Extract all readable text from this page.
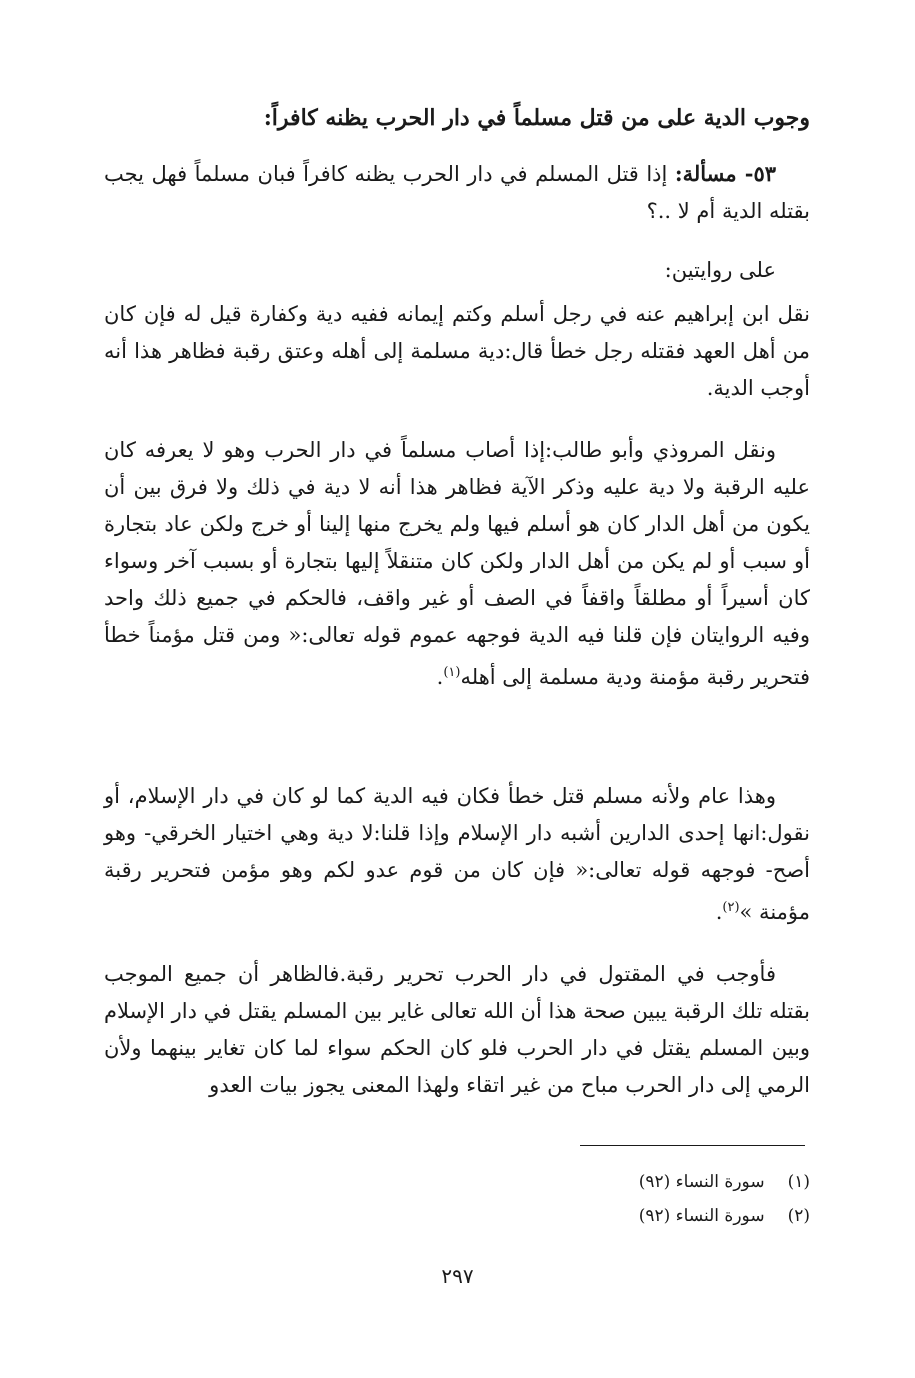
وجوب الدية على من قتل مسلماً في دار الحرب يظنه كافراً:
٥٣- مسألة: إذا قتل المسلم في دار الحرب يظنه كافراً فبان مسلماً فهل يجب بقتله الدية أم لا ..؟
على روايتين:
نقل ابن إبراهيم عنه في رجل أسلم وكتم إيمانه ففيه دية وكفارة قيل له فإن كان من أهل العهد فقتله رجل خطأ قال:دية مسلمة إلى أهله وعتق رقبة فظاهر هذا أنه أوجب الدية.
ونقل المروذي وأبو طالب:إذا أصاب مسلماً في دار الحرب وهو لا يعرفه كان عليه الرقبة ولا دية عليه وذكر الآية فظاهر هذا أنه لا دية في ذلك ولا فرق بين أن يكون من أهل الدار كان هو أسلم فيها ولم يخرج منها إلينا أو خرج ولكن عاد بتجارة أو سبب أو لم يكن من أهل الدار ولكن كان متنقلاً إليها بتجارة أو بسبب آخر وسواء كان أسيراً أو مطلقاً واقفاً في الصف أو غير واقف، فالحكم في جميع ذلك واحد وفيه الروايتان فإن قلنا فيه الدية فوجهه عموم قوله تعالى:« ومن قتل مؤمناً خطأ فتحرير رقبة مؤمنة ودية مسلمة إلى أهله$^{(١)}$.
وهذا عام ولأنه مسلم قتل خطأ فكان فيه الدية كما لو كان في دار الإسلام، أو نقول:انها إحدى الدارين أشبه دار الإسلام وإذا قلنا:لا دية وهي اختيار الخرقي- وهو أصح- فوجهه قوله تعالى:« فإن كان من قوم عدو لكم وهو مؤمن فتحرير رقبة مؤمنة »$^{(٢)}$.
فأوجب في المقتول في دار الحرب تحرير رقبة.فالظاهر أن جميع الموجب بقتله تلك الرقبة يبين صحة هذا أن الله تعالى غاير بين المسلم يقتل في دار الإسلام وبين المسلم يقتل في دار الحرب فلو كان الحكم سواء لما كان تغاير بينهما ولأن الرمي إلى دار الحرب مباح من غير اتقاء ولهذا المعنى يجوز بيات العدو
(١) سورة النساء (٩٢)
(٢) سورة النساء (٩٢)
٢٩٧
